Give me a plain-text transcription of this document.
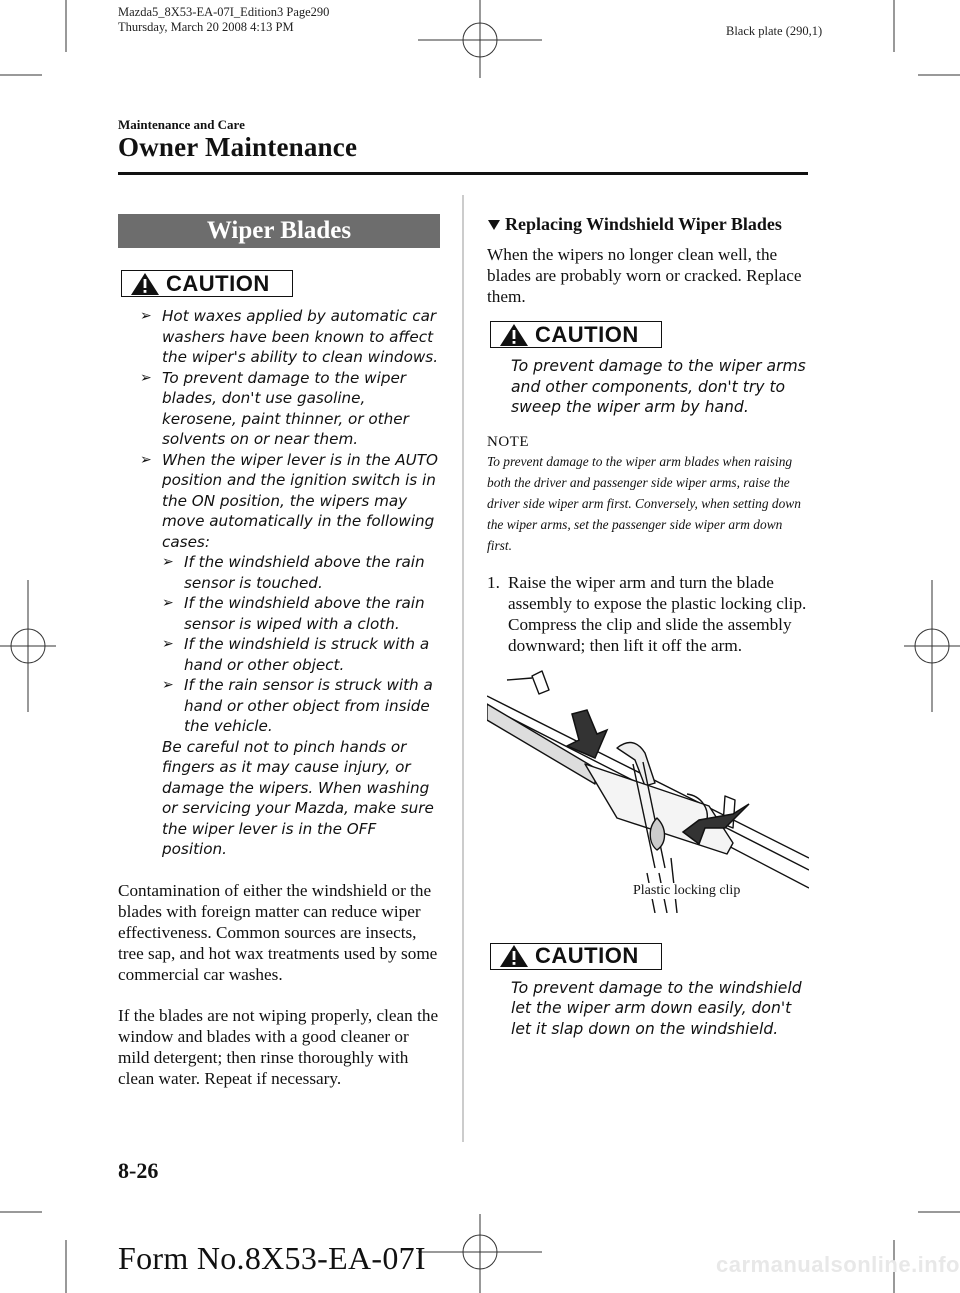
Mazda5_8X53-EA-07I_Edition3 Page290
Thursday, March 20 2008 4:13 PM	Black plate (290,1)
Maintenance and Care
Owner Maintenance
Wiper Blades
CAUTION
➢ Hot waxes applied by automatic car washers have been known to affect the wiper's ability to clean windows.
➢ To prevent damage to the wiper blades, don't use gasoline, kerosene, paint thinner, or other solvents on or near them.
➢ When the wiper lever is in the AUTO position and the ignition switch is in the ON position, the wipers may move automatically in the following cases:
➢ If the windshield above the rain sensor is touched.
➢ If the windshield above the rain sensor is wiped with a cloth.
➢ If the windshield is struck with a hand or other object.
➢ If the rain sensor is struck with a hand or other object from inside the vehicle.
Be careful not to pinch hands or fingers as it may cause injury, or damage the wipers. When washing or servicing your Mazda, make sure the wiper lever is in the OFF position.

Contamination of either the windshield or the blades with foreign matter can reduce wiper effectiveness. Common sources are insects, tree sap, and hot wax treatments used by some commercial car washes.

If the blades are not wiping properly, clean the window and blades with a good cleaner or mild detergent; then rinse thoroughly with clean water. Repeat if necessary.

Replacing Windshield Wiper Blades

When the wipers no longer clean well, the blades are probably worn or cracked. Replace them.

CAUTION
To prevent damage to the wiper arms and other components, don't try to sweep the wiper arm by hand.
NOTE
To prevent damage to the wiper arm blades when raising both the driver and passenger side wiper arms, raise the driver side wiper arm first. Conversely, when setting down the wiper arms, set the passenger side wiper arm down first.
1. Raise the wiper arm and turn the blade assembly to expose the plastic locking clip.
Compress the clip and slide the assembly downward; then lift it off the arm.
Plastic locking clip
CAUTION
To prevent damage to the windshield let the wiper arm down easily, don't let it slap down on the windshield.
8-26
Form No.8X53-EA-07I	carmanualsonline.info
